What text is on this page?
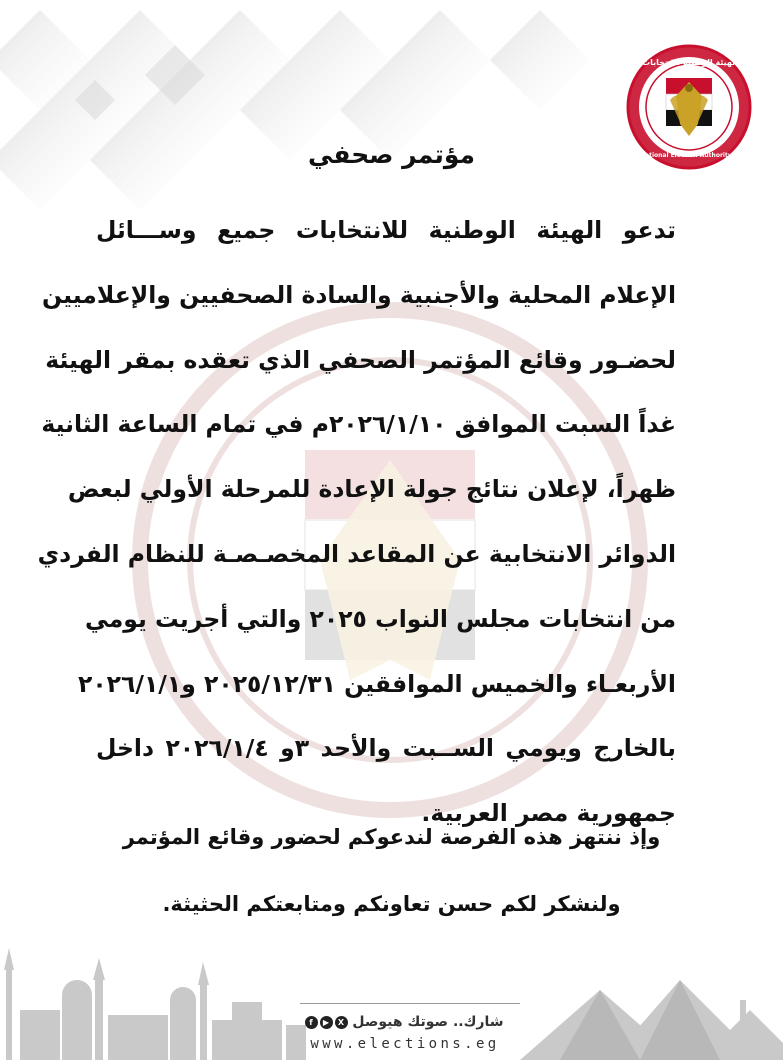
الهيئة الوطنية للانتخابات
National Election Authority - Egypt
مؤتمر صحفي
تدعو الهيئة الوطنية للانتخابات جميع وســـائل
الإعلام المحلية والأجنبية والسادة الصحفيين والإعلاميين
لحضـور وقائع المؤتمر الصحفي الذي تعقده بمقر الهيئة
غداً السبت الموافق ٢٠٢٦/١/١٠م في تمام الساعة الثانية
ظهراً، لإعلان نتائج جولة الإعادة للمرحلة الأولي لبعض
الدوائر الانتخابية عن المقاعد المخصـصـة للنظام الفردي
من انتخابات مجلس النواب ٢٠٢٥ والتي أجريت يومي
الأربعـاء والخميس الموافقين ٢٠٢٥/١٢/٣١ و٢٠٢٦/١/١
بالخارج ويومي الســبت والأحد ٣و ٢٠٢٦/١/٤ داخل
جمهورية مصر العربية.
وإذ ننتهز هذه الفرصة لندعوكم لحضور وقائع المؤتمر
ولنشكر لكم حسن تعاونكم ومتابعتكم الحثيثة.
شارك.. صوتك هيوصل X▶f
www.elections.eg
